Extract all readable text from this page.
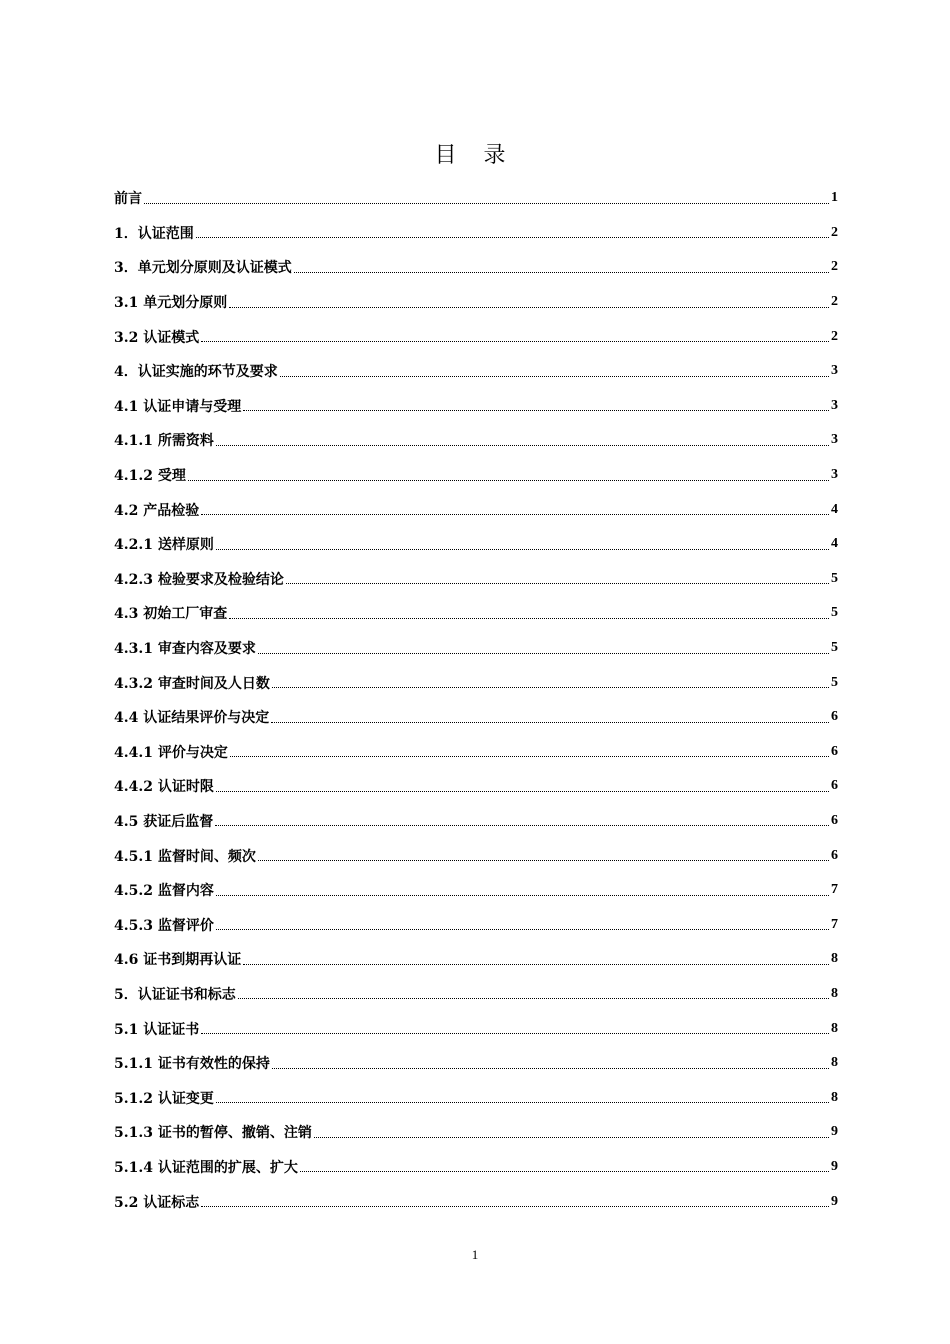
目 录
前言	1
1．认证范围	2
3．单元划分原则及认证模式	2
3.1 单元划分原则	2
3.2 认证模式	2
4．认证实施的环节及要求	3
4.1 认证申请与受理	3
4.1.1 所需资料	3
4.1.2 受理	3
4.2 产品检验	4
4.2.1 送样原则	4
4.2.3 检验要求及检验结论	5
4.3 初始工厂审查	5
4.3.1 审查内容及要求	5
4.3.2 审查时间及人日数	5
4.4 认证结果评价与决定	6
4.4.1 评价与决定	6
4.4.2 认证时限	6
4.5 获证后监督	6
4.5.1 监督时间、频次	6
4.5.2 监督内容	7
4.5.3 监督评价	7
4.6 证书到期再认证	8
5．认证证书和标志	8
5.1 认证证书	8
5.1.1 证书有效性的保持	8
5.1.2 认证变更	8
5.1.3 证书的暂停、撤销、注销	9
5.1.4 认证范围的扩展、扩大	9
5.2 认证标志	9
1
